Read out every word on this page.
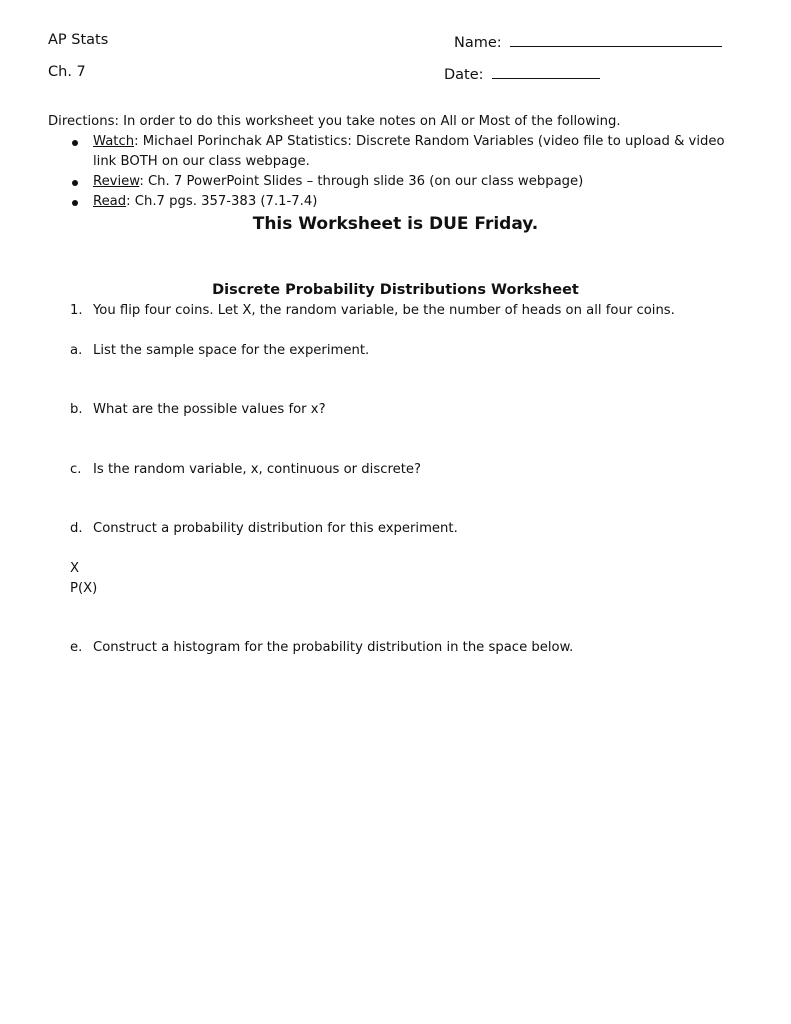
AP Stats	Name:
Ch. 7	Date:
Directions: In order to do this worksheet you take notes on All or Most of the following.
Watch: Michael Porinchak AP Statistics: Discrete Random Variables (video file to upload & video
link BOTH on our class webpage.
Review: Ch. 7 PowerPoint Slides – through slide 36 (on our class webpage)
Read: Ch.7 pgs. 357-383 (7.1-7.4)
This Worksheet is DUE Friday.
Discrete Probability Distributions Worksheet
1. You flip four coins. Let X, the random variable, be the number of heads on all four coins.
a. List the sample space for the experiment.
b. What are the possible values for x?
c. Is the random variable, x, continuous or discrete?
d. Construct a probability distribution for this experiment.
X
P(X)
e. Construct a histogram for the probability distribution in the space below.
